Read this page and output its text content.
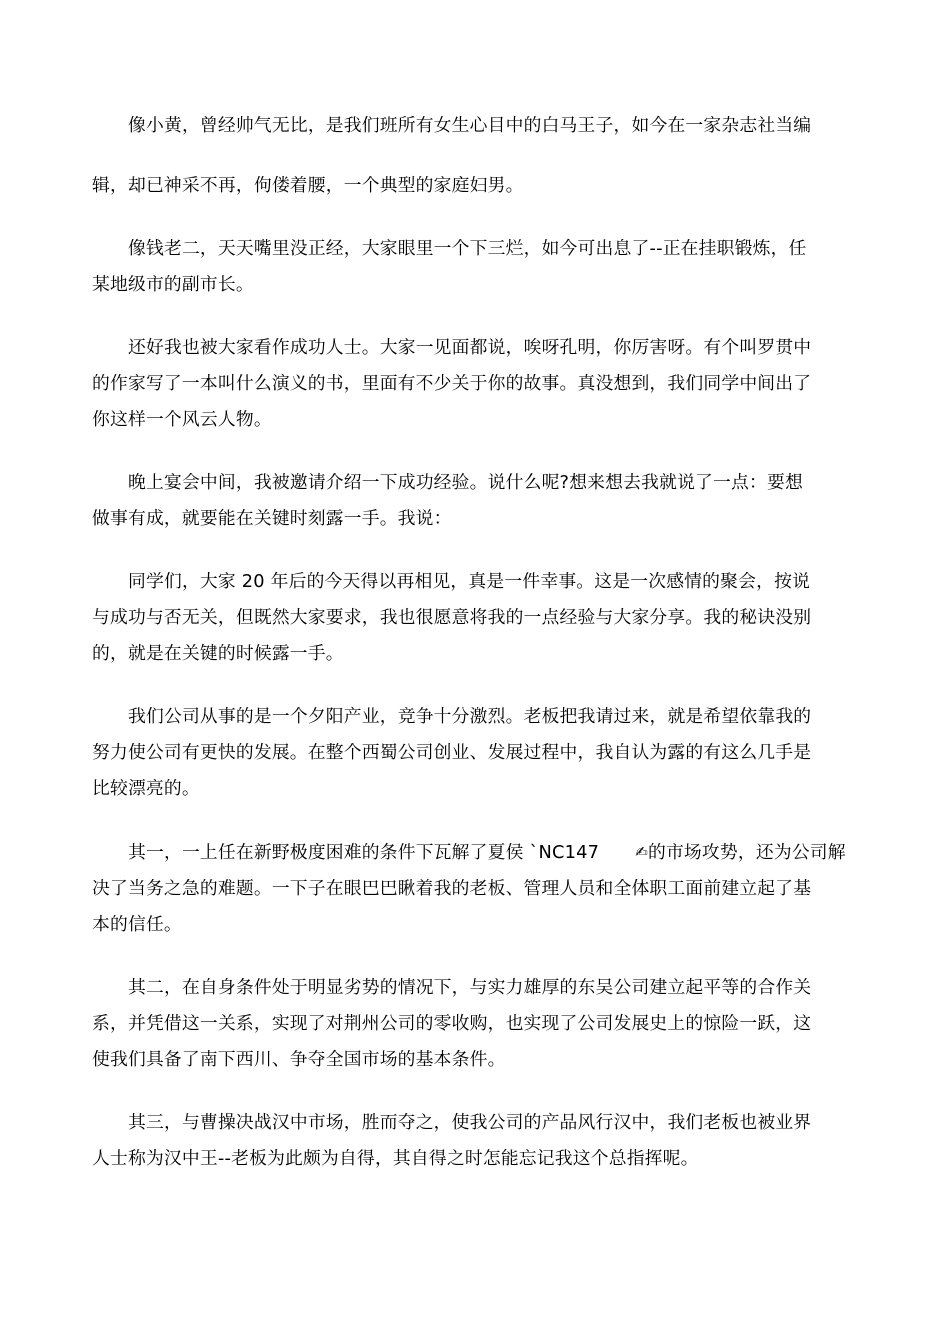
像小黄，曾经帅气无比，是我们班所有女生心目中的白马王子，如今在一家杂志社当编
辑，却已神采不再，佝偻着腰，一个典型的家庭妇男。

像钱老二，天天嘴里没正经，大家眼里一个下三烂，如今可出息了--正在挂职锻炼，任
某地级市的副市长。

还好我也被大家看作成功人士。大家一见面都说，唉呀孔明，你厉害呀。有个叫罗贯中
的作家写了一本叫什么演义的书，里面有不少关于你的故事。真没想到，我们同学中间出了
你这样一个风云人物。

晚上宴会中间，我被邀请介绍一下成功经验。说什么呢?想来想去我就说了一点：要想
做事有成，就要能在关键时刻露一手。我说：

同学们，大家 20 年后的今天得以再相见，真是一件幸事。这是一次感情的聚会，按说
与成功与否无关，但既然大家要求，我也很愿意将我的一点经验与大家分享。我的秘诀没别
的，就是在关键的时候露一手。

我们公司从事的是一个夕阳产业，竞争十分激烈。老板把我请过来，就是希望依靠我的
努力使公司有更快的发展。在整个西蜀公司创业、发展过程中，我自认为露的有这么几手是
比较漂亮的。

其一，一上任在新野极度困难的条件下瓦解了夏侯 `NC147 ✍的市场攻势，还为公司解
决了当务之急的难题。一下子在眼巴巴瞅着我的老板、管理人员和全体职工面前建立起了基
本的信任。

其二，在自身条件处于明显劣势的情况下，与实力雄厚的东吴公司建立起平等的合作关
系，并凭借这一关系，实现了对荆州公司的零收购，也实现了公司发展史上的惊险一跃，这
使我们具备了南下西川、争夺全国市场的基本条件。

其三，与曹操决战汉中市场，胜而夺之，使我公司的产品风行汉中，我们老板也被业界
人士称为汉中王--老板为此颇为自得，其自得之时怎能忘记我这个总指挥呢。
